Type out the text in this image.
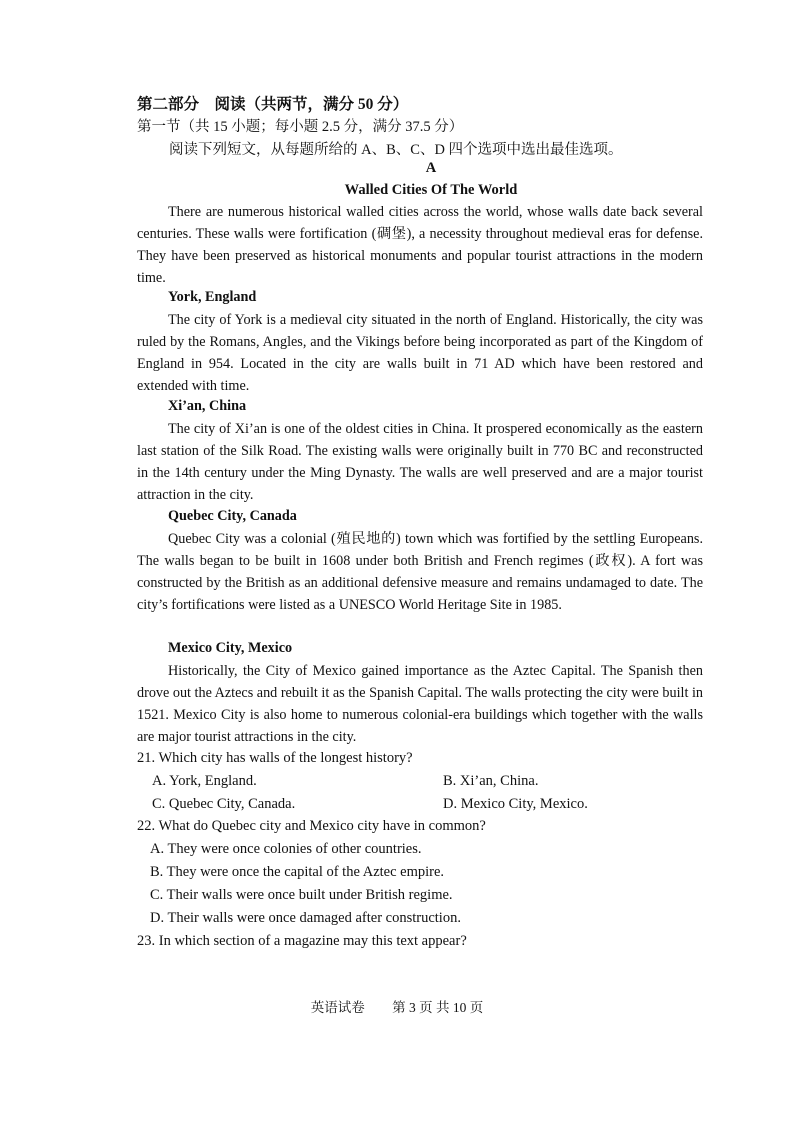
第二部分　阅读（共两节，满分 50 分）
第一节（共 15 小题；每小题 2.5 分，满分 37.5 分）
阅读下列短文，从每题所给的 A、B、C、D 四个选项中选出最佳选项。
A
Walled Cities Of The World
There are numerous historical walled cities across the world, whose walls date back several centuries. These walls were fortification (碉堡), a necessity throughout medieval eras for defense. They have been preserved as historical monuments and popular tourist attractions in the modern time.
York, England
The city of York is a medieval city situated in the north of England. Historically, the city was ruled by the Romans, Angles, and the Vikings before being incorporated as part of the Kingdom of England in 954. Located in the city are walls built in 71 AD which have been restored and extended with time.
Xi’an, China
The city of Xi’an is one of the oldest cities in China. It prospered economically as the eastern last station of the Silk Road. The existing walls were originally built in 770 BC and reconstructed in the 14th century under the Ming Dynasty. The walls are well preserved and are a major tourist attraction in the city.
Quebec City, Canada
Quebec City was a colonial (殖民地的) town which was fortified by the settling Europeans. The walls began to be built in 1608 under both British and French regimes (政权). A fort was constructed by the British as an additional defensive measure and remains undamaged to date. The city’s fortifications were listed as a UNESCO World Heritage Site in 1985.
Mexico City, Mexico
Historically, the City of Mexico gained importance as the Aztec Capital. The Spanish then drove out the Aztecs and rebuilt it as the Spanish Capital. The walls protecting the city were built in 1521. Mexico City is also home to numerous colonial-era buildings which together with the walls are major tourist attractions in the city.
21. Which city has walls of the longest history?
A. York, England.	B. Xi’an, China.
C. Quebec City, Canada.	D. Mexico City, Mexico.
22. What do Quebec city and Mexico city have in common?
A. They were once colonies of other countries.
B. They were once the capital of the Aztec empire.
C. Their walls were once built under British regime.
D. Their walls were once damaged after construction.
23. In which section of a magazine may this text appear?
英语试卷 第 3 页 共 10 页
